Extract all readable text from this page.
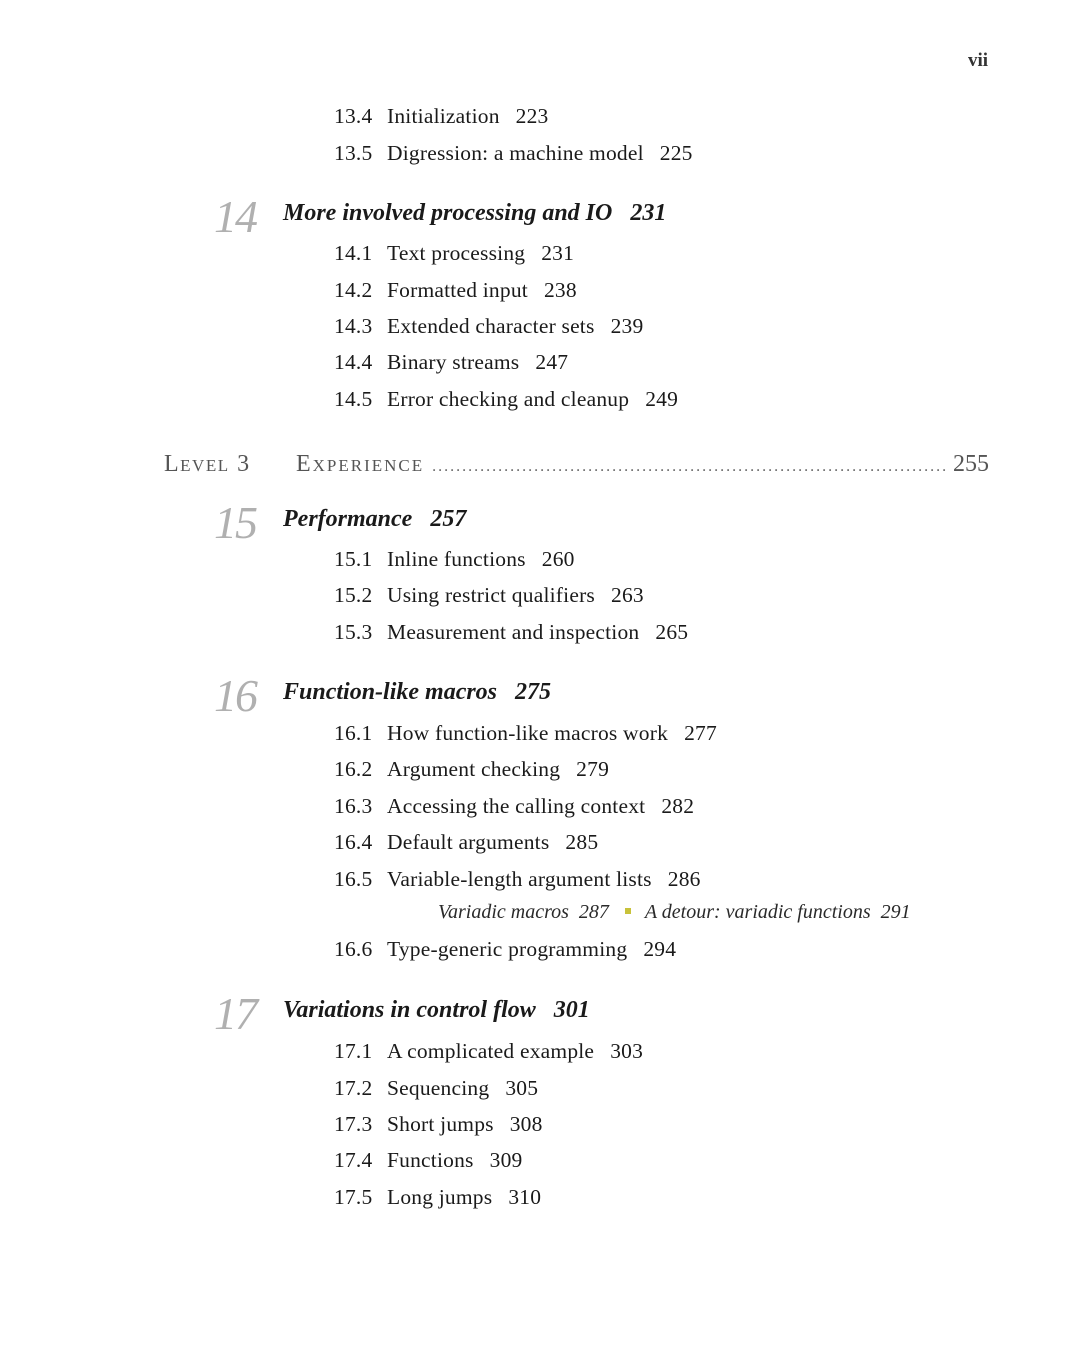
vii
13.4 Initialization 223
13.5 Digression: a machine model 225
14 More involved processing and IO 231
14.1 Text processing 231
14.2 Formatted input 238
14.3 Extended character sets 239
14.4 Binary streams 247
14.5 Error checking and cleanup 249
Level 3	Experience
. . .	255
15 Performance 257
15.1 Inline functions 260
15.2 Using restrict qualifiers 263
15.3 Measurement and inspection 265
16 Function-like macros 275
16.1 How function-like macros work 277
16.2 Argument checking 279
16.3 Accessing the calling context 282
16.4 Default arguments 285
16.5 Variable-length argument lists 286
Variadic macros 287 A detour: variadic functions 291
16.6 Type-generic programming 294
17 Variations in control flow 301
17.1 A complicated example 303
17.2 Sequencing 305
17.3 Short jumps 308
17.4 Functions 309
17.5 Long jumps 310
